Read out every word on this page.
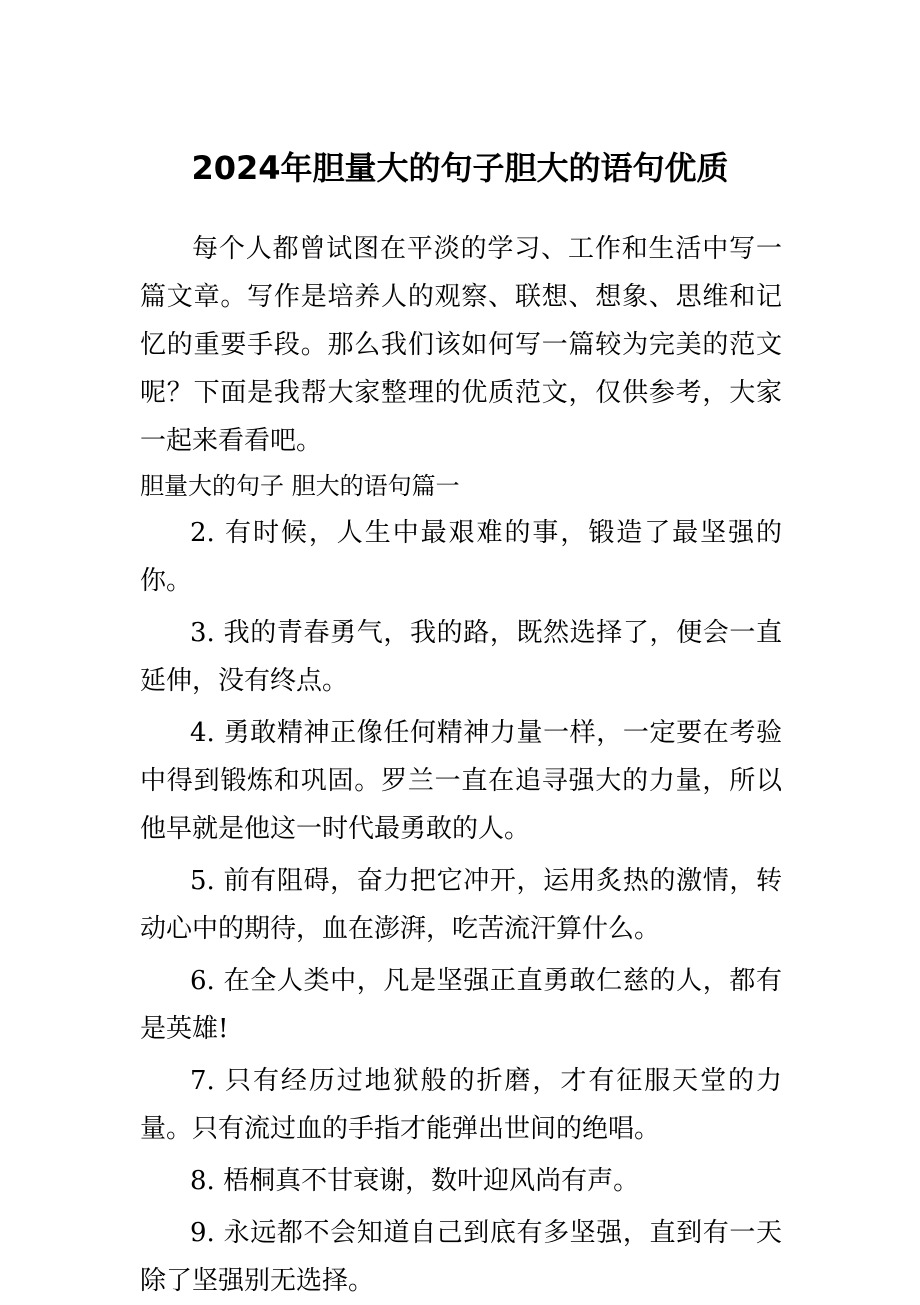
2024年胆量大的句子胆大的语句优质

每个人都曾试图在平淡的学习、工作和生活中写一篇文章。写作是培养人的观察、联想、想象、思维和记忆的重要手段。那么我们该如何写一篇较为完美的范文呢？下面是我帮大家整理的优质范文，仅供参考，大家一起来看看吧。

胆量大的句子 胆大的语句篇一

2. 有时候，人生中最艰难的事，锻造了最坚强的你。

3. 我的青春勇气，我的路，既然选择了，便会一直延伸，没有终点。

4. 勇敢精神正像任何精神力量一样，一定要在考验中得到锻炼和巩固。罗兰一直在追寻强大的力量，所以他早就是他这一时代最勇敢的人。

5. 前有阻碍，奋力把它冲开，运用炙热的激情，转动心中的期待，血在澎湃，吃苦流汗算什么。

6. 在全人类中，凡是坚强正直勇敢仁慈的人，都有是英雄!

7. 只有经历过地狱般的折磨，才有征服天堂的力量。只有流过血的手指才能弹出世间的绝唱。

8. 梧桐真不甘衰谢，数叶迎风尚有声。

9. 永远都不会知道自己到底有多坚强，直到有一天除了坚强别无选择。
